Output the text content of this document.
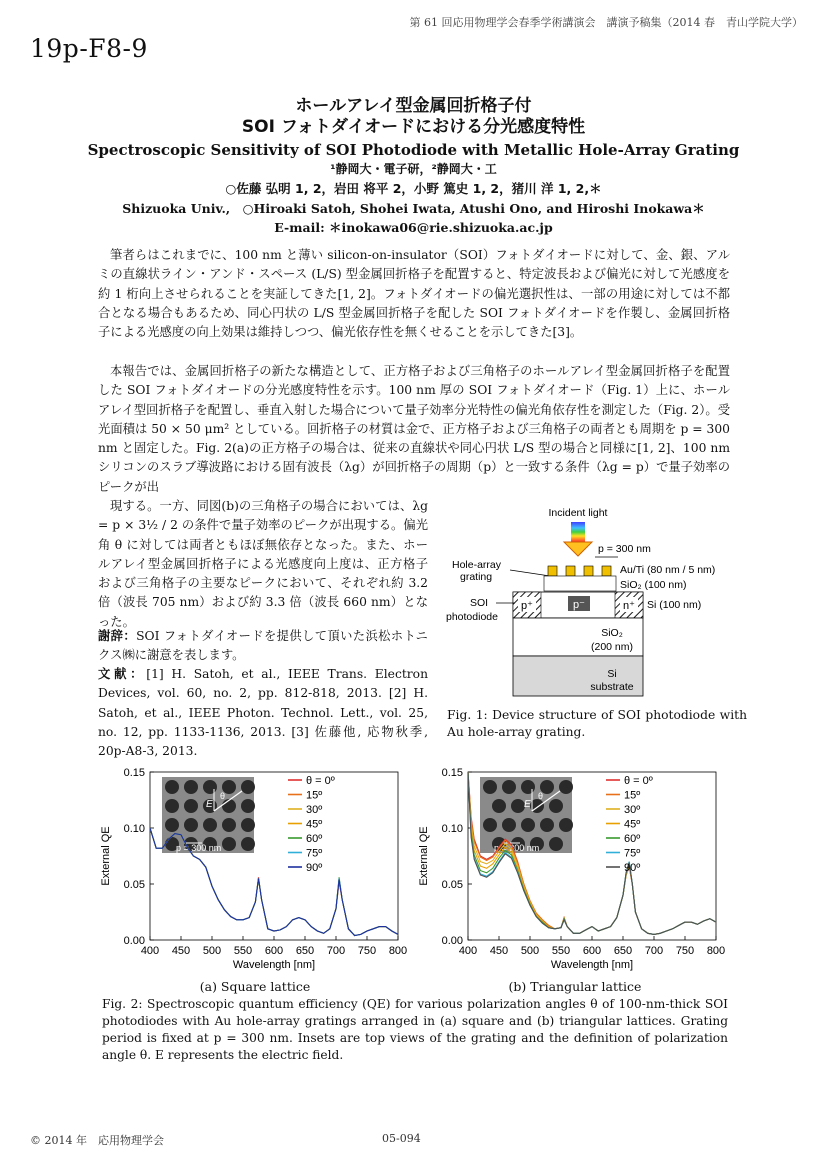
第 61 回応用物理学会春季学術講演会　講演予稿集（2014 春　青山学院大学）
19p-F8-9
ホールアレイ型金属回折格子付
SOI フォトダイオードにおける分光感度特性
Spectroscopic Sensitivity of SOI Photodiode with Metallic Hole-Array Grating
¹静岡大・電子研，²静岡大・工
○佐藤 弘明 1, 2，岩田 将平 2，小野 篤史 1, 2，猪川 洋 1, 2,＊
Shizuoka Univ.,　○Hiroaki Satoh, Shohei Iwata, Atushi Ono, and Hiroshi Inokawa＊
E-mail: ＊inokawa06@rie.shizuoka.ac.jp
筆者らはこれまでに、100 nm と薄い silicon-on-insulator（SOI）フォトダイオードに対して、金、銀、アルミの直線状ライン・アンド・スペース (L/S) 型金属回折格子を配置すると、特定波長および偏光に対して光感度を約 1 桁向上させられることを実証してきた[1, 2]。フォトダイオードの偏光選択性は、一部の用途に対しては不都合となる場合もあるため、同心円状の L/S 型金属回折格子を配した SOI フォトダイオードを作製し、金属回折格子による光感度の向上効果は維持しつつ、偏光依存性を無くせることを示してきた[3]。
本報告では、金属回折格子の新たな構造として、正方格子および三角格子のホールアレイ型金属回折格子を配置した SOI フォトダイオードの分光感度特性を示す。100 nm 厚の SOI フォトダイオード（Fig. 1）上に、ホールアレイ型回折格子を配置し、垂直入射した場合について量子効率分光特性の偏光角依存性を測定した（Fig. 2）。受光面積は 50 × 50 μm² としている。回折格子の材質は金で、正方格子および三角格子の両者とも周期を p = 300 nm と固定した。Fig. 2(a)の正方格子の場合は、従来の直線状や同心円状 L/S 型の場合と同様に[1, 2]、100 nm シリコンのスラブ導波路における固有波長（λg）が回折格子の周期（p）と一致する条件（λg = p）で量子効率のピークが出
現する。一方、同図(b)の三角格子の場合においては、λg = p × 3½ / 2 の条件で量子効率のピークが出現する。偏光角 θ に対しては両者ともほぼ無依存となった。また、ホールアレイ型金属回折格子による光感度向上度は、正方格子および三角格子の主要なピークにおいて、それぞれ約 3.2 倍（波長 705 nm）および約 3.3 倍（波長 660 nm）となった。
謝辞：SOI フォトダイオードを提供して頂いた浜松ホトニクス㈱に謝意を表します。
文献：[1] H. Satoh, et al., IEEE Trans. Electron Devices, vol. 60, no. 2, pp. 812-818, 2013. [2] H. Satoh, et al., IEEE Photon. Technol. Lett., vol. 25, no. 12, pp. 1133-1136, 2013. [3] 佐藤他, 応物秋季, 20p-A8-3, 2013.
Incident light
p = 300 nm
Hole-array
grating
Au/Ti (80 nm / 5 nm)
SiO₂ (100 nm)
p⁺	p⁻	n⁺ Si (100 nm)
SOI
photodiode
SiO₂
(200 nm)
Si
substrate
Fig. 1: Device structure of SOI photodiode with Au hole-array grating.
E
θ
p = 300 nm
400 450 500 550 600 650 700 750 800
0.00
0.05
0.10
0.15
Wavelength [nm]
External QE
θ = 0º
15º
30º
45º
60º
75º
90º
E
θ
p = 300 nm
400 450 500 550 600 650 700 750 800
0.00
0.05
0.10
0.15
Wavelength [nm]
External QE
θ = 0º
15º
30º
45º
60º
75º
90º
(a) Square lattice	(b) Triangular lattice
Fig. 2: Spectroscopic quantum efficiency (QE) for various polarization angles θ of 100-nm-thick SOI photodiodes with Au hole-array gratings arranged in (a) square and (b) triangular lattices. Grating period is fixed at p = 300 nm. Insets are top views of the grating and the definition of polarization angle θ. E represents the electric field.
© 2014 年　応用物理学会	05-094
